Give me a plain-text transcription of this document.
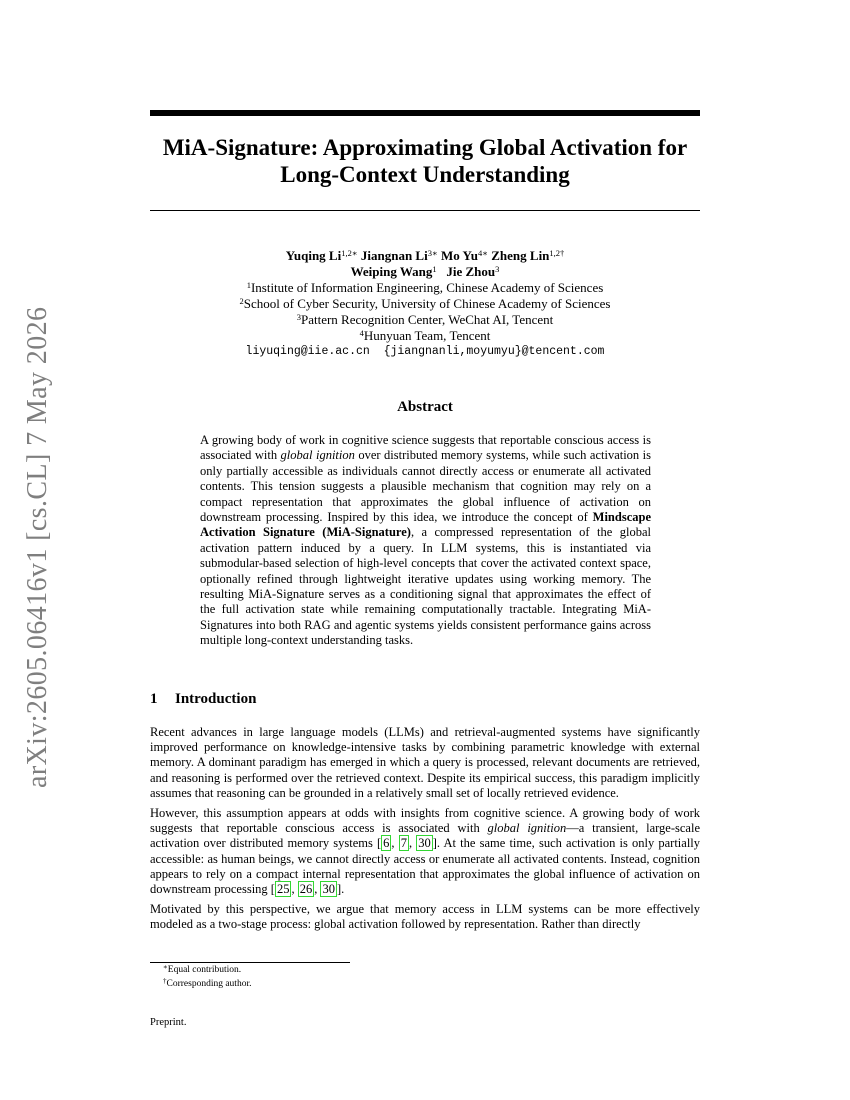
arXiv:2605.06416v1 [cs.CL] 7 May 2026
MiA-Signature: Approximating Global Activation for
Long-Context Understanding
Yuqing $Li^{1,2∗}$ Jiangnan $Li^{3∗}$ Mo $Yu^{4∗}$ Zheng Lin$^{1,2\dagger}$
Weiping Wang$^1$ Jie Zhou$^3$
$^1$Institute of Information Engineering, Chinese Academy of Sciences
$^2$School of Cyber Security, University of Chinese Academy of Sciences
$^3$Pattern Recognition Center, WeChat AI, Tencent
$^4$Hunyuan Team, Tencent
liyuqing@iie.ac.cn {jiangnanli,moyumyu}@tencent.com
Abstract
A growing body of work in cognitive science suggests that reportable conscious access is associated with global ignition over distributed memory systems, while such activation is only partially accessible as individuals cannot directly access or enumerate all activated contents. This tension suggests a plausible mechanism that cognition may rely on a compact representation that approximates the global influence of activation on downstream processing. Inspired by this idea, we introduce the concept of Mindscape Activation Signature (MiA-Signature), a compressed representation of the global activation pattern induced by a query. In LLM systems, this is instantiated via submodular-based selection of high-level concepts that cover the activated context space, optionally refined through lightweight iterative updates using working memory. The resulting MiA-Signature serves as a conditioning signal that approximates the effect of the full activation state while remaining computationally tractable. Integrating MiA-Signatures into both RAG and agentic systems yields consistent performance gains across multiple long-context understanding tasks.
1 Introduction

Recent advances in large language models (LLMs) and retrieval-augmented systems have significantly improved performance on knowledge-intensive tasks by combining parametric knowledge with external memory. A dominant paradigm has emerged in which a query is processed, relevant documents are retrieved, and reasoning is performed over the retrieved context. Despite its empirical success, this paradigm implicitly assumes that reasoning can be grounded in a relatively small set of locally retrieved evidence.

However, this assumption appears at odds with insights from cognitive science. A growing body of work suggests that reportable conscious access is associated with global ignition—a transient, large-scale activation over distributed memory systems [ 6 , 7 , 30 ]. At the same time, such activation is only partially accessible: as human beings, we cannot directly access or enumerate all activated contents. Instead, cognition appears to rely on a compact internal representation that approximates the global influence of activation on downstream processing [ 25 , 26 , 30 ].

Motivated by this perspective, we argue that memory access in LLM systems can be more effectively modeled as a two-stage process: global activation followed by representation. Rather than directly

∗Equal contribution.
†Corresponding author.
Preprint.
